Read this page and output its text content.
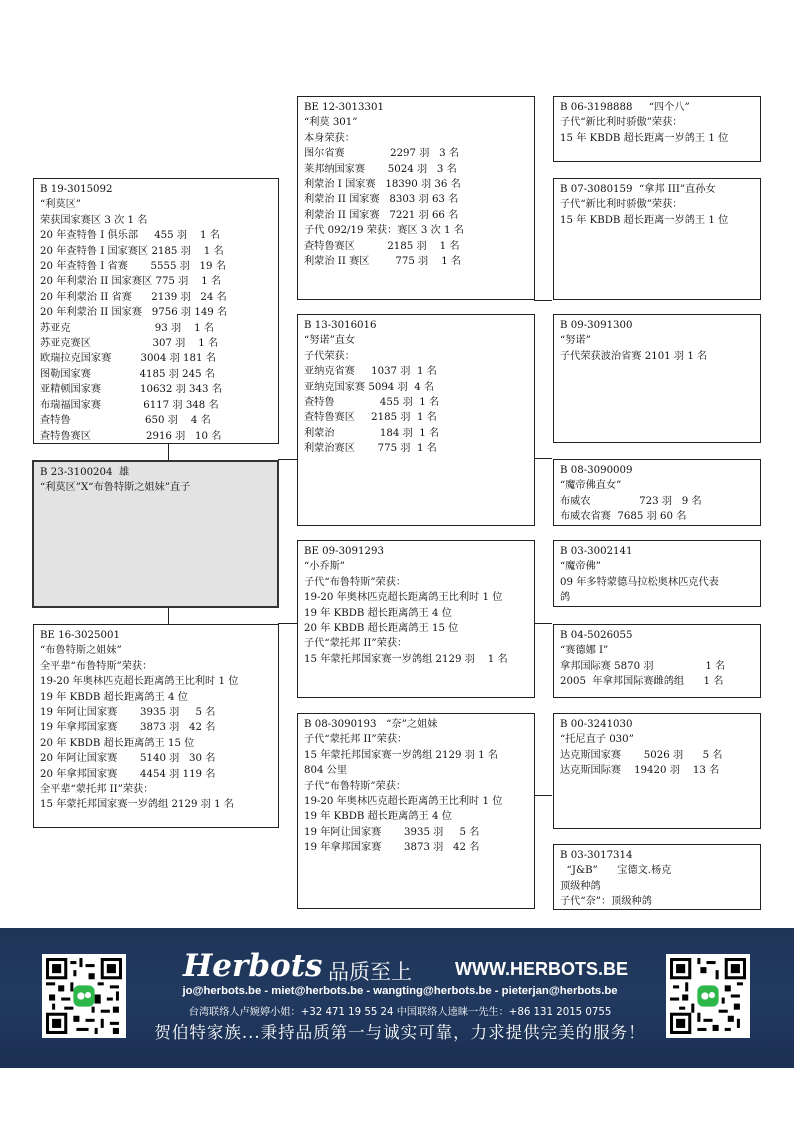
B 19-3015092
“利莫区”
荣获国家赛区 3 次 1 名
20 年查特鲁 I 俱乐部     455 羽    1 名
20 年查特鲁 I 国家赛区 2185 羽    1 名
20 年查特鲁 I 省赛       5555 羽   19 名
20 年利蒙治 II 国家赛区 775 羽    1 名
20 年利蒙治 II 省赛      2139 羽   24 名
20 年利蒙治 II 国家赛   9756 羽 149 名
苏亚克                          93 羽    1 名
苏亚克赛区                   307 羽    1 名
欧瑞拉克国家赛         3004 羽 181 名
图勒国家赛               4185 羽 245 名
亚精顿国家赛            10632 羽 343 名
布瑞福国家赛             6117 羽 348 名
查特鲁                       650 羽    4 名
查特鲁赛区                 2916 羽   10 名
B 23-3100204  雄
“利莫区”X“布鲁特斯之姐妹”直子
BE 16-3025001
“布鲁特斯之姐妹”
全平辈“布鲁特斯”荣获：
19-20 年奥林匹克超长距离鸽王比利时 1 位
19 年 KBDB 超长距离鸽王 4 位
19 年阿让国家赛       3935 羽     5 名
19 年拿邦国家赛       3873 羽   42 名
20 年 KBDB 超长距离鸽王 15 位
20 年阿让国家赛       5140 羽   30 名
20 年拿邦国家赛       4454 羽 119 名
全平辈“蒙托邦 II”荣获：
15 年蒙托邦国家赛一岁鸽组 2129 羽 1 名
BE 12-3013301
“利莫 301”
本身荣获：
图尔省赛              2297 羽   3 名
莱邦纳国家赛       5024 羽   3 名
利蒙治 I 国家赛   18390 羽 36 名
利蒙治 II 国家赛   8303 羽 63 名
利蒙治 II 国家赛   7221 羽 66 名
子代 092/19 荣获：赛区 3 次 1 名
查特鲁赛区          2185 羽    1 名
利蒙治 II 赛区        775 羽    1 名
B 13-3016016
“努诺”直女
子代荣获：
亚纳克省赛     1037 羽  1 名
亚纳克国家赛 5094 羽  4 名
查特鲁              455 羽  1 名
查特鲁赛区     2185 羽  1 名
利蒙治              184 羽  1 名
利蒙治赛区       775 羽  1 名
BE 09-3091293
“小乔斯”
子代“布鲁特斯”荣获：
19-20 年奥林匹克超长距离鸽王比利时 1 位
19 年 KBDB 超长距离鸽王 4 位
20 年 KBDB 超长距离鸽王 15 位
子代“蒙托邦 II”荣获：
15 年蒙托邦国家赛一岁鸽组 2129 羽    1 名
B 08-3090193   “奈”之姐妹
子代“蒙托邦 II”荣获：
15 年蒙托邦国家赛一岁鸽组 2129 羽 1 名
804 公里
子代“布鲁特斯”荣获：
19-20 年奥林匹克超长距离鸽王比利时 1 位
19 年 KBDB 超长距离鸽王 4 位
19 年阿让国家赛       3935 羽     5 名
19 年拿邦国家赛       3873 羽   42 名
B 06-3198888     “四个八”
子代“新比利时骄傲”荣获：
15 年 KBDB 超长距离一岁鸽王 1 位
B 07-3080159  “拿邦 III”直孙女
子代“新比利时骄傲”荣获：
15 年 KBDB 超长距离一岁鸽王 1 位
B 09-3091300
“努诺”
子代荣获波治省赛 2101 羽 1 名
B 08-3090009
“魔帝佛直女”
布威农               723 羽   9 名
布威农省赛  7685 羽 60 名
B 03-3002141
“魔帝佛”
09 年多特蒙德马拉松奥林匹克代表
鸽
B 04-5026055
“赛德娜 I”
拿邦国际赛 5870 羽                1 名
2005  年拿邦国际赛雌鸽组      1 名
B 00-3241030
“托尼直子 030”
达克斯国家赛       5026 羽      5 名
达克斯国际赛    19420 羽    13 名
B 03-3017314
“J&B”      宝德文.杨克
顶级种鸽
子代“奈”：顶级种鸽
Herbots 品质至上 WWW.HERBOTS.BE
jo@herbots.be - miet@herbots.be - wangting@herbots.be - pieterjan@herbots.be
台湾联络人卢婉婷小姐：+32 471 19 55 24 中国联络人逵睐一先生：+86 131 2015 0755
贺伯特家族...秉持品质第一与诚实可靠，力求提供完美的服务！
